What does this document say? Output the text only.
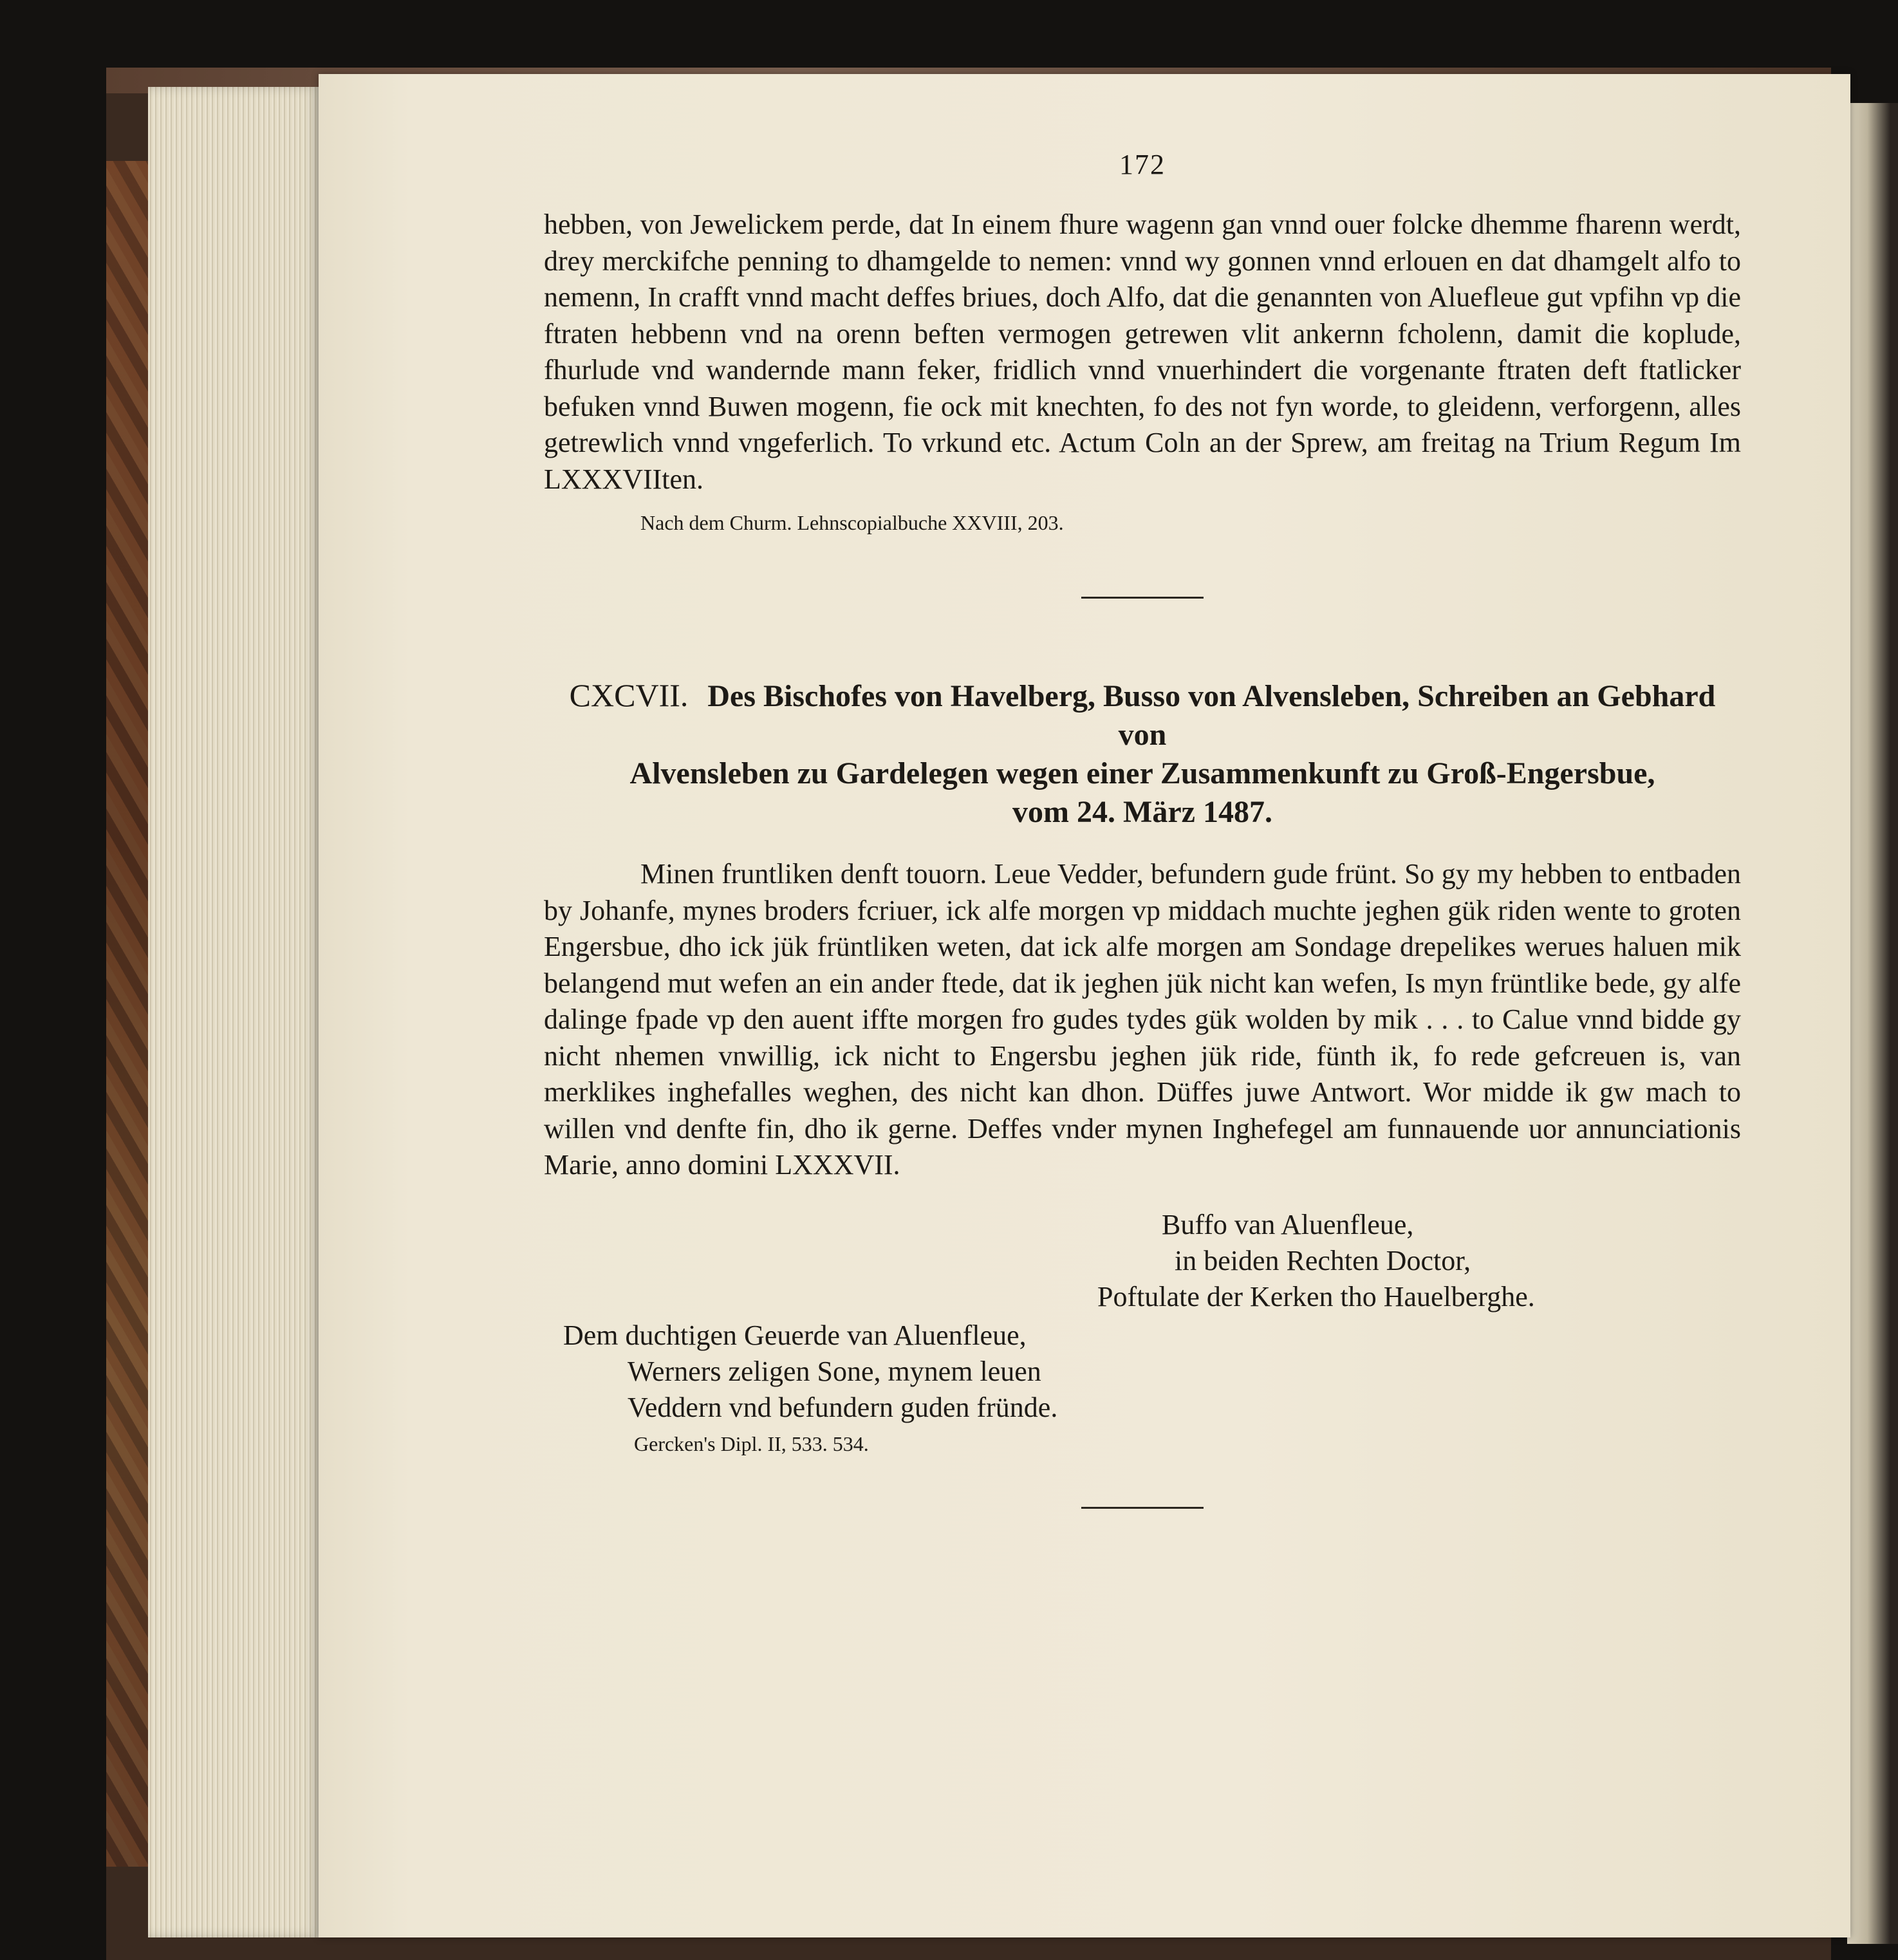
172

hebben, von Jewelickem perde, dat In einem fhure wagenn gan vnnd ouer folcke dhemme fharenn werdt, drey merckifche penning to dhamgelde to nemen: vnnd wy gonnen vnnd erlouen en dat dhamgelt alfo to nemenn, In crafft vnnd macht deffes briues, doch Alfo, dat die genannten von Aluefleue gut vpfihn vp die ftraten hebbenn vnd na orenn beften vermogen getrewen vlit ankernn fcholenn, damit die koplude, fhurlude vnd wandernde mann feker, fridlich vnnd vnuerhindert die vorgenante ftraten deft ftatlicker befuken vnnd Buwen mogenn, fie ock mit knechten, fo des not fyn worde, to gleidenn, verforgenn, alles getrewlich vnnd vngeferlich. To vrkund etc. Actum Coln an der Sprew, am freitag na Trium Regum Im LXXXVIIten.

Nach dem Churm. Lehnscopialbuche XXVIII, 203.
CXCVII. Des Bischofes von Havelberg, Busso von Alvensleben, Schreiben an Gebhard von
Alvensleben zu Gardelegen wegen einer Zusammenkunft zu Groß-Engersbue,
vom 24. März 1487.

Minen fruntliken denft touorn. Leue Vedder, befundern gude frünt. So gy my hebben to entbaden by Johanfe, mynes broders fcriuer, ick alfe morgen vp middach muchte jeghen gük riden wente to groten Engersbue, dho ick jük früntliken weten, dat ick alfe morgen am Sondage drepelikes werues haluen mik belangend mut wefen an ein ander ftede, dat ik jeghen jük nicht kan wefen, Is myn früntlike bede, gy alfe dalinge fpade vp den auent iffte morgen fro gudes tydes gük wolden by mik . . . to Calue vnnd bidde gy nicht nhemen vnwillig, ick nicht to Engersbu jeghen jük ride, fünth ik, fo rede gefcreuen is, van merklikes inghefalles weghen, des nicht kan dhon. Düffes juwe Antwort. Wor midde ik gw mach to willen vnd denfte fin, dho ik gerne. Deffes vnder mynen Inghefegel am funnauende uor annunciationis Marie, anno domini LXXXVII.

Buffo van Aluenfleue,
in beiden Rechten Doctor,
Poftulate der Kerken tho Hauelberghe.
Dem duchtigen Geuerde van Aluenfleue,
Werners zeligen Sone, mynem leuen
Veddern vnd befundern guden fründe.
Gercken's Dipl. II, 533. 534.
